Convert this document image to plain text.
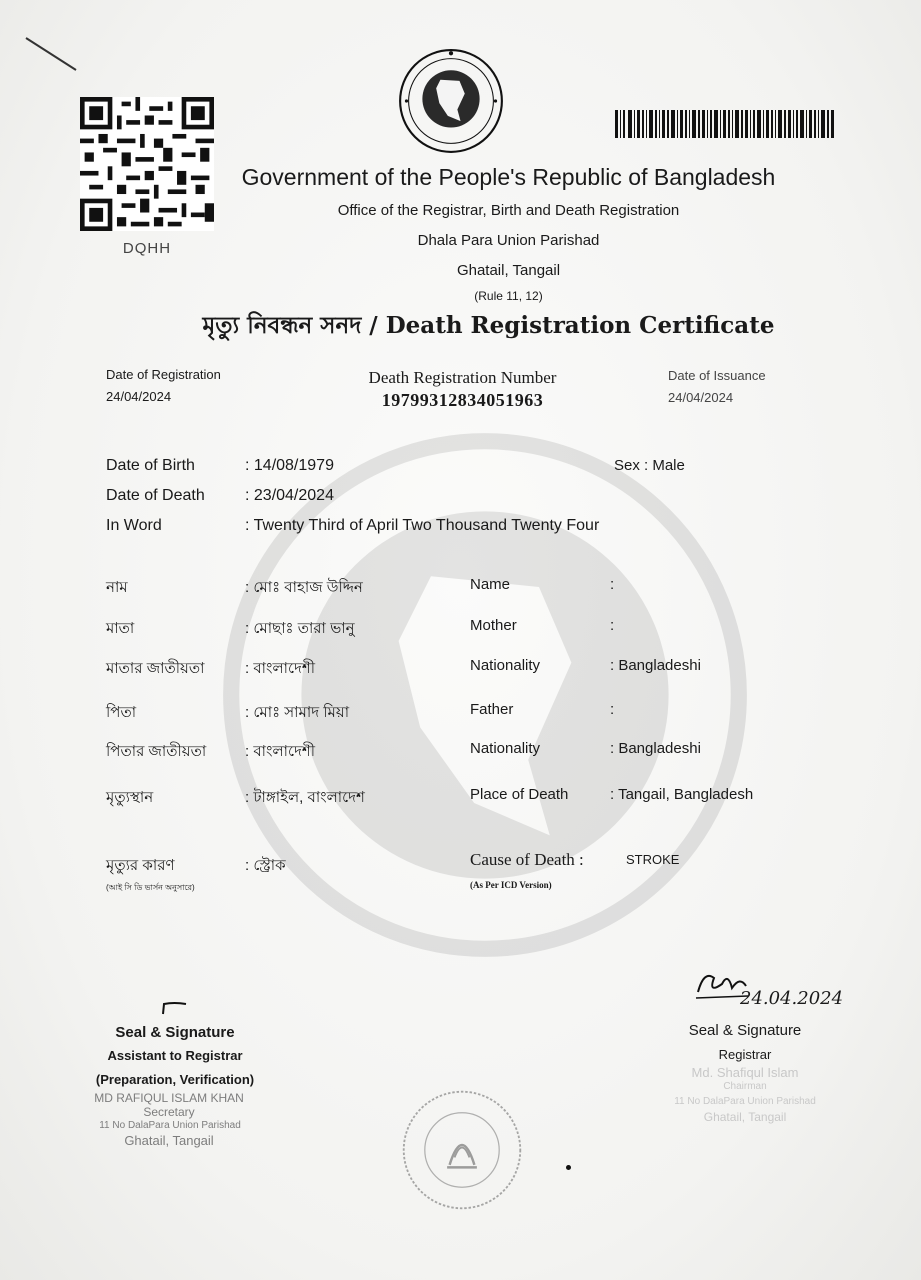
DQHH
Government of the People's Republic of Bangladesh
Office of the Registrar, Birth and Death Registration
Dhala Para Union Parishad
Ghatail, Tangail
(Rule 11, 12)
মৃত্যু নিবন্ধন সনদ / Death Registration Certificate
Date of Registration
24/04/2024
Death Registration Number
19799312834051963
Date of Issuance
24/04/2024
Date of Birth	: 14/08/1979	Sex : Male
Date of Death	: 23/04/2024
In Word	: Twenty Third of April Two Thousand Twenty Four
নাম	: মোঃ বাহাজ উদ্দিন	Name	:
মাতা	: মোছাঃ তারা ভানু	Mother	:
মাতার জাতীয়তা	: বাংলাদেশী	Nationality	: Bangladeshi
পিতা	: মোঃ সামাদ মিয়া	Father	:
পিতার জাতীয়তা	: বাংলাদেশী	Nationality	: Bangladeshi
মৃত্যুস্থান	: টাঙ্গাইল, বাংলাদেশ	Place of Death	: Tangail, Bangladesh
মৃত্যুর কারণ
(আই সি ডি ভার্সন অনুসারে)
: স্ট্রোক	Cause of Death :	STROKE
(As Per ICD Version)
Seal & Signature
Assistant to Registrar
(Preparation, Verification)
MD RAFIQUL ISLAM KHAN
Secretary
11 No DalaPara Union Parishad
Ghatail, Tangail
24.04.2024
Seal & Signature
Registrar
Md. Shafiqul Islam
Chairman
11 No DalaPara Union Parishad
Ghatail, Tangail
